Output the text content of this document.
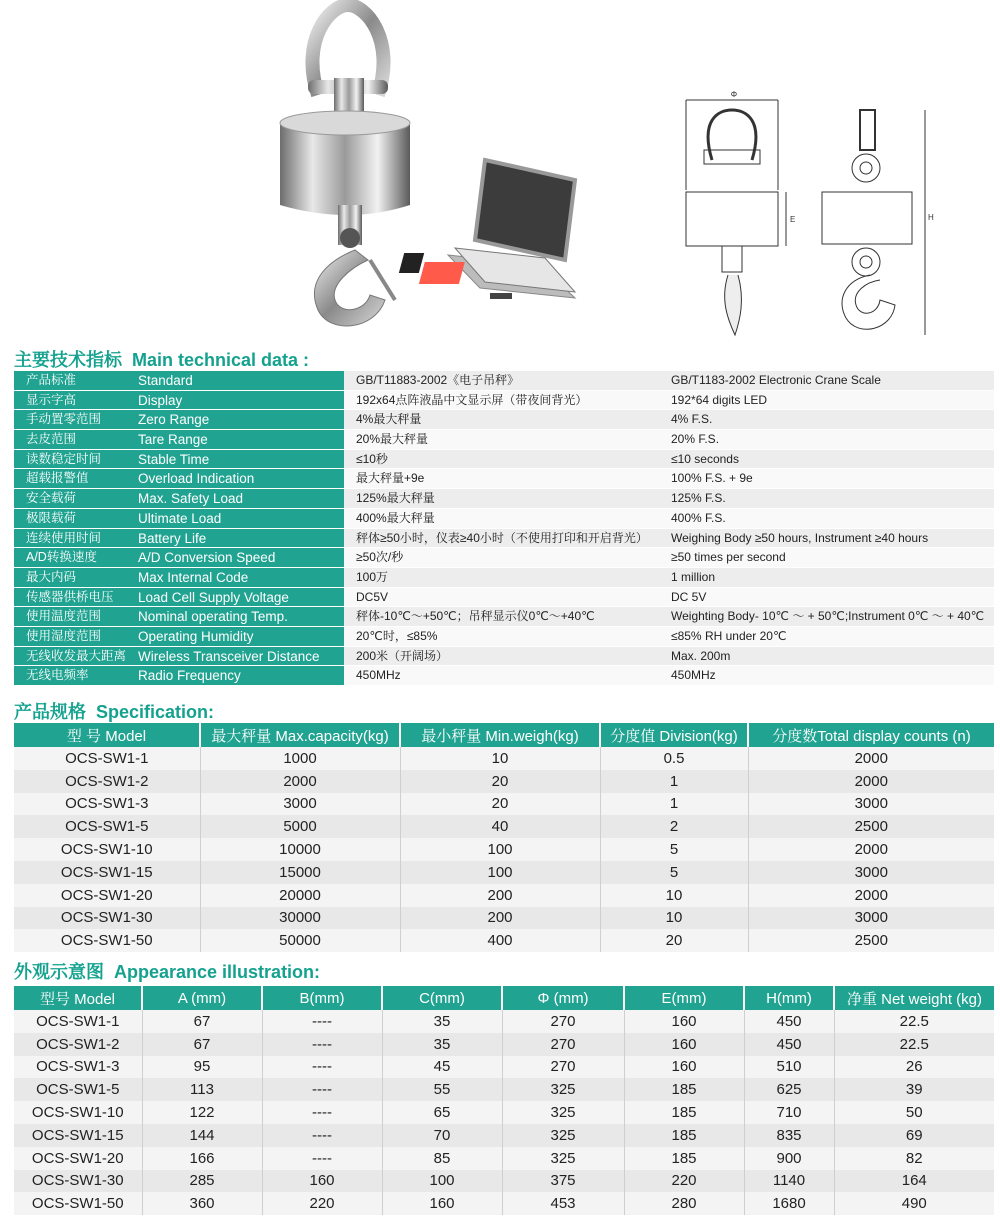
Φ
E	H
主要技术指标 Main technical data :
产品标准	Standard	GB/T11883-2002《电子吊秤》	GB/T1183-2002 Electronic Crane Scale
显示字高	Display	192x64点阵液晶中文显示屏（带夜间背光）	192*64 digits LED
手动置零范围	Zero Range	4%最大秤量	4% F.S.
去皮范围	Tare Range	20%最大秤量	20% F.S.
读数稳定时间	Stable Time	≤10秒	≤10 seconds
超载报警值	Overload Indication	最大秤量+9e	100% F.S. + 9e
安全载荷	Max. Safety Load	125%最大秤量	125% F.S.
极限载荷	Ultimate Load	400%最大秤量	400% F.S.
连续使用时间	Battery Life	秤体≥50小时，仪表≥40小时（不使用打印和开启背光）	Weighing Body ≥50 hours, Instrument ≥40 hours
A/D转换速度	A/D Conversion Speed	≥50次/秒	≥50 times per second
最大内码	Max Internal Code	100万	1 million
传感器供桥电压	Load Cell Supply Voltage	DC5V	DC 5V
使用温度范围	Nominal operating Temp.	秤体-10℃～+50℃；吊秤显示仪0℃～+40℃	Weighting Body- 10℃ ～ + 50℃;Instrument 0℃ ～ + 40℃
使用湿度范围	Operating Humidity	20℃时，≤85%	≤85% RH under 20℃
无线收发最大距离 Wireless Transceiver Distance	200米（开阔场）	Max. 200m
无线电频率	Radio Frequency	450MHz	450MHz
产品规格 Specification:
型 号 Model	最大秤量 Max.capacity(kg)	最小秤量 Min.weigh(kg)	分度值 Division(kg)	分度数Total display counts (n)
OCS-SW1-1	1000	10	0.5	2000
OCS-SW1-2	2000	20	1	2000
OCS-SW1-3	3000	20	1	3000
OCS-SW1-5	5000	40	2	2500
OCS-SW1-10	10000	100	5	2000
OCS-SW1-15	15000	100	5	3000
OCS-SW1-20	20000	200	10	2000
OCS-SW1-30	30000	200	10	3000
OCS-SW1-50	50000	400	20	2500
外观示意图 Appearance illustration:
型号 Model	A (mm)	B(mm)	C(mm)	Φ (mm)	E(mm)	H(mm)	净重 Net weight (kg)
OCS-SW1-1	67	----	35	270	160	450	22.5
OCS-SW1-2	67	----	35	270	160	450	22.5
OCS-SW1-3	95	----	45	270	160	510	26
OCS-SW1-5	113	----	55	325	185	625	39
OCS-SW1-10	122	----	65	325	185	710	50
OCS-SW1-15	144	----	70	325	185	835	69
OCS-SW1-20	166	----	85	325	185	900	82
OCS-SW1-30	285	160	100	375	220	1140	164
OCS-SW1-50	360	220	160	453	280	1680	490
